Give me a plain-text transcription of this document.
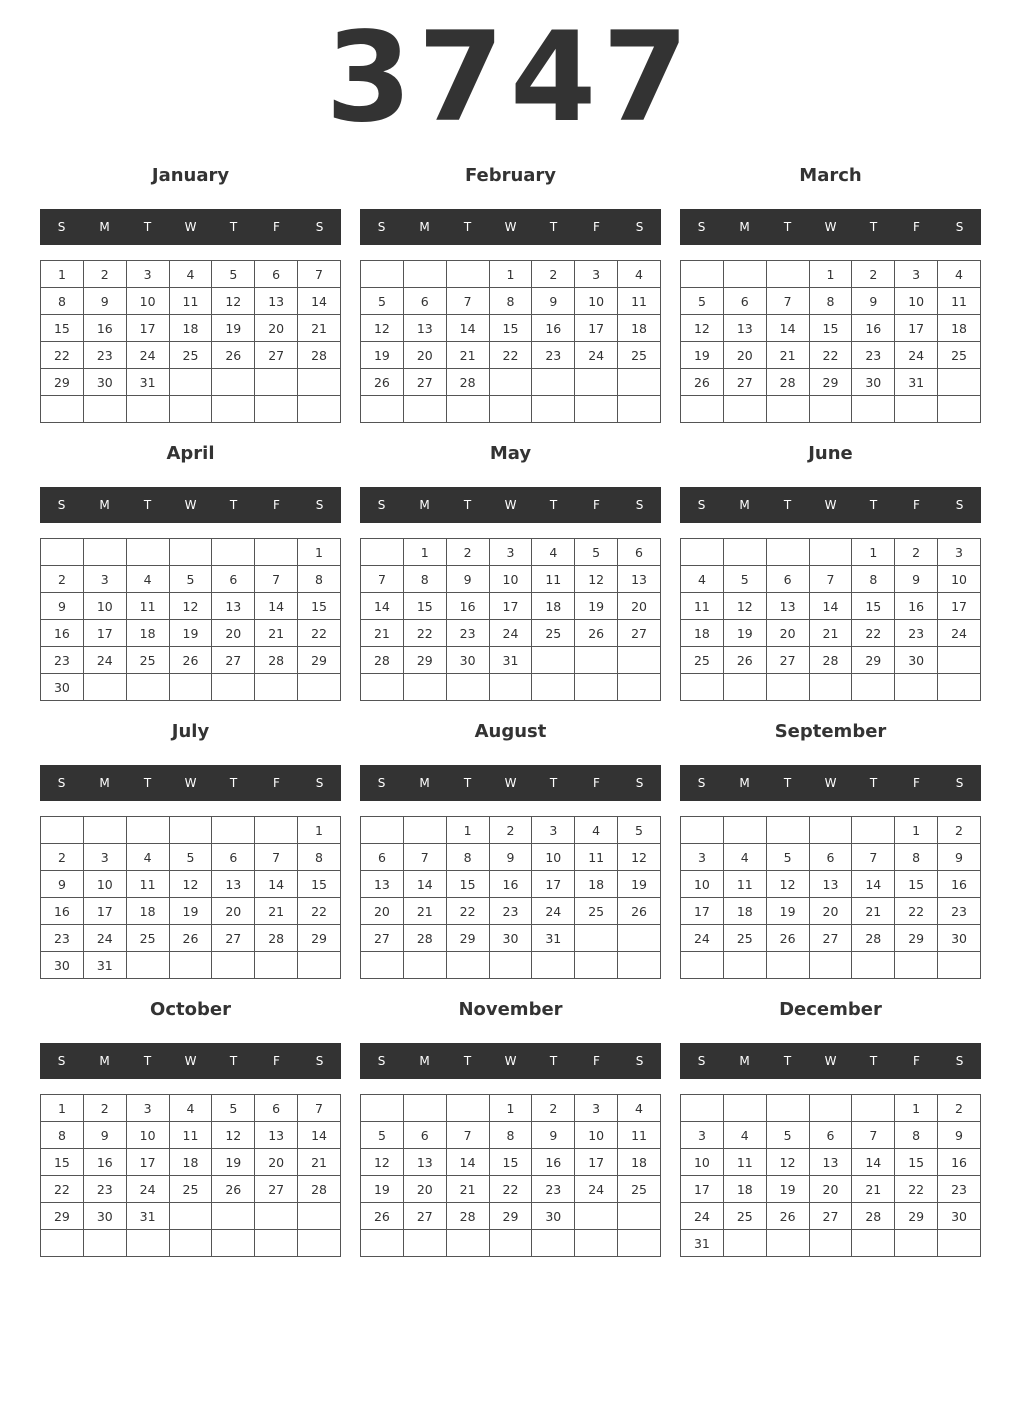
3747
January
S	M	T	W	T	F	S
1	2	3	4	5	6	7
8	9	10	11	12	13	14
15	16	17	18	19	20	21
22	23	24	25	26	27	28
29	30	31				

February
S	M	T	W	T	F	S
			1	2	3	4
5	6	7	8	9	10	11
12	13	14	15	16	17	18
19	20	21	22	23	24	25
26	27	28				

March
S	M	T	W	T	F	S
			1	2	3	4
5	6	7	8	9	10	11
12	13	14	15	16	17	18
19	20	21	22	23	24	25
26	27	28	29	30	31	

April
S	M	T	W	T	F	S
						1
2	3	4	5	6	7	8
9	10	11	12	13	14	15
16	17	18	19	20	21	22
23	24	25	26	27	28	29
30						
May
S	M	T	W	T	F	S
	1	2	3	4	5	6
7	8	9	10	11	12	13
14	15	16	17	18	19	20
21	22	23	24	25	26	27
28	29	30	31			

June
S	M	T	W	T	F	S
				1	2	3
4	5	6	7	8	9	10
11	12	13	14	15	16	17
18	19	20	21	22	23	24
25	26	27	28	29	30	

July
S	M	T	W	T	F	S
						1
2	3	4	5	6	7	8
9	10	11	12	13	14	15
16	17	18	19	20	21	22
23	24	25	26	27	28	29
30	31					
August
S	M	T	W	T	F	S
		1	2	3	4	5
6	7	8	9	10	11	12
13	14	15	16	17	18	19
20	21	22	23	24	25	26
27	28	29	30	31		

September
S	M	T	W	T	F	S
					1	2
3	4	5	6	7	8	9
10	11	12	13	14	15	16
17	18	19	20	21	22	23
24	25	26	27	28	29	30

October
S	M	T	W	T	F	S
1	2	3	4	5	6	7
8	9	10	11	12	13	14
15	16	17	18	19	20	21
22	23	24	25	26	27	28
29	30	31				

November
S	M	T	W	T	F	S
			1	2	3	4
5	6	7	8	9	10	11
12	13	14	15	16	17	18
19	20	21	22	23	24	25
26	27	28	29	30		

December
S	M	T	W	T	F	S
					1	2
3	4	5	6	7	8	9
10	11	12	13	14	15	16
17	18	19	20	21	22	23
24	25	26	27	28	29	30
31						
